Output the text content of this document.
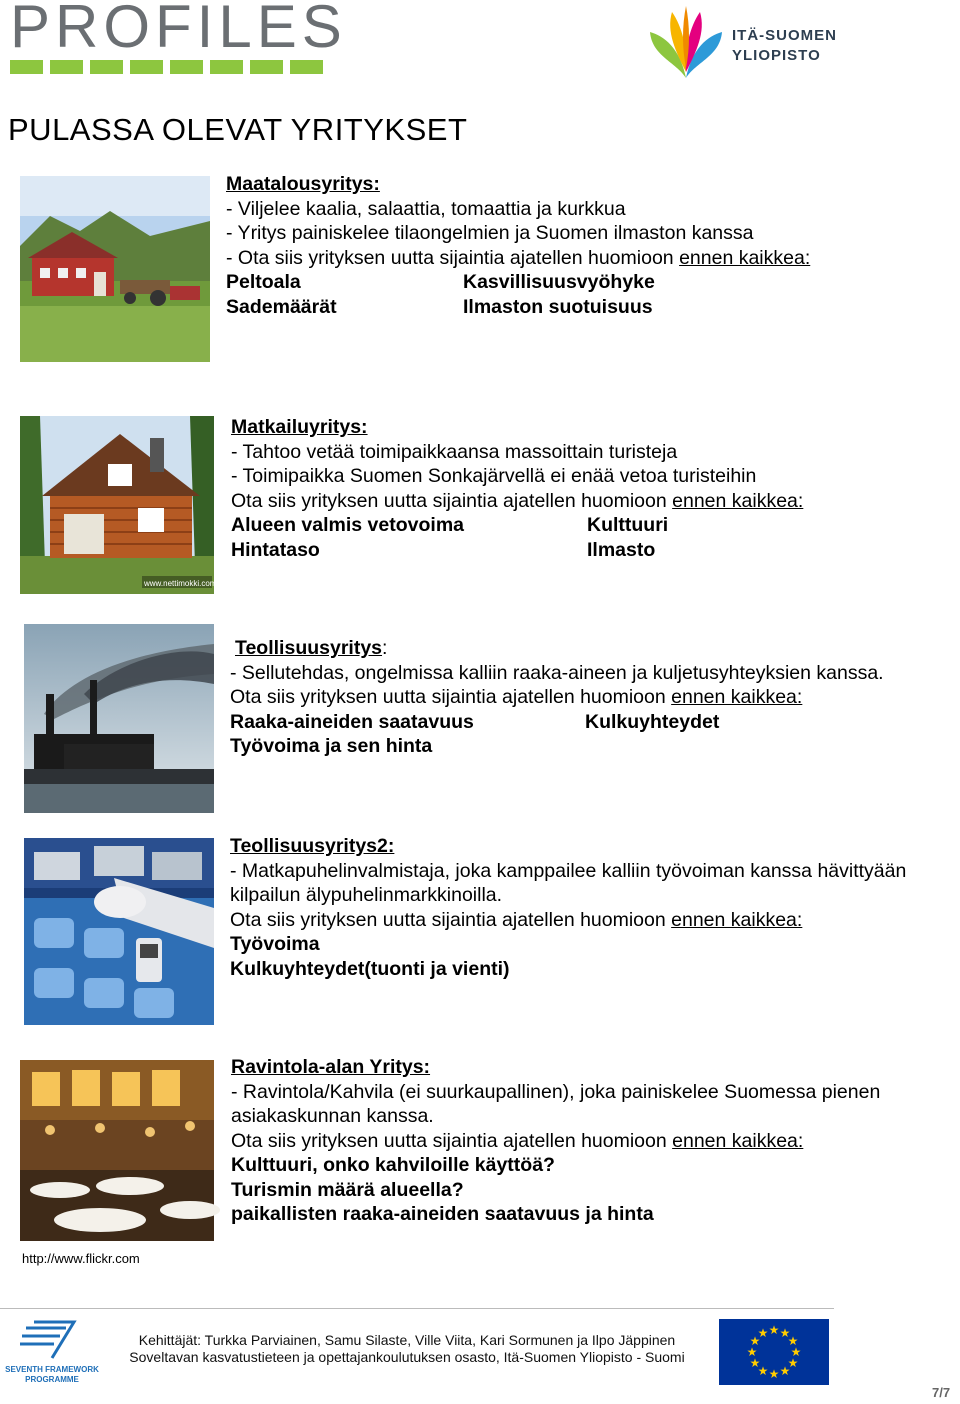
PROFILES	ITÄ-SUOMEN
YLIOPISTO
PULASSA OLEVAT YRITYKSET
Maatalousyritys:
- Viljelee kaalia, salaattia, tomaattia ja kurkkua
- Yritys painiskelee tilaongelmien ja Suomen ilmaston kanssa
- Ota siis yrityksen uutta sijaintia ajatellen huomioon ennen kaikkea:
Peltoala	Kasvillisuusvyöhyke
Sademäärät	Ilmaston suotuisuus
www.nettimokki.com
Matkailuyritys:
- Tahtoo vetää toimipaikkaansa massoittain turisteja
- Toimipaikka Suomen Sonkajärvellä ei enää vetoa turisteihin
Ota siis yrityksen uutta sijaintia ajatellen huomioon ennen kaikkea:
Alueen valmis vetovoima	Kulttuuri
Hintataso	Ilmasto
Teollisuusyritys:
- Sellutehdas, ongelmissa kalliin raaka-aineen ja kuljetusyhteyksien kanssa.
Ota siis yrityksen uutta sijaintia ajatellen huomioon ennen kaikkea:
Raaka-aineiden saatavuus	Kulkuyhteydet
Työvoima ja sen hinta
Teollisuusyritys2:
- Matkapuhelinvalmistaja, joka kamppailee kalliin työvoiman kanssa hävittyään kilpailun älypuhelinmarkkinoilla.
Ota siis yrityksen uutta sijaintia ajatellen huomioon ennen kaikkea:
Työvoima
Kulkuyhteydet(tuonti ja vienti)
Ravintola-alan Yritys:
- Ravintola/Kahvila (ei suurkaupallinen), joka painiskelee Suomessa pienen asiakaskunnan kanssa.
Ota siis yrityksen uutta sijaintia ajatellen huomioon ennen kaikkea:
Kulttuuri, onko kahviloille käyttöä?
Turismin määrä alueella?
paikallisten raaka-aineiden saatavuus ja hinta
http://www.flickr.com
SEVENTH FRAMEWORK
PROGRAMME
Kehittäjät: Turkka Parviainen, Samu Silaste, Ville Viita, Kari Sormunen ja Ilpo Jäppinen
Soveltavan kasvatustieteen ja opettajankoulutuksen osasto, Itä-Suomen Yliopisto - Suomi
★ ★
★
★
★
★
★
★
★
★
★
★
7/7
